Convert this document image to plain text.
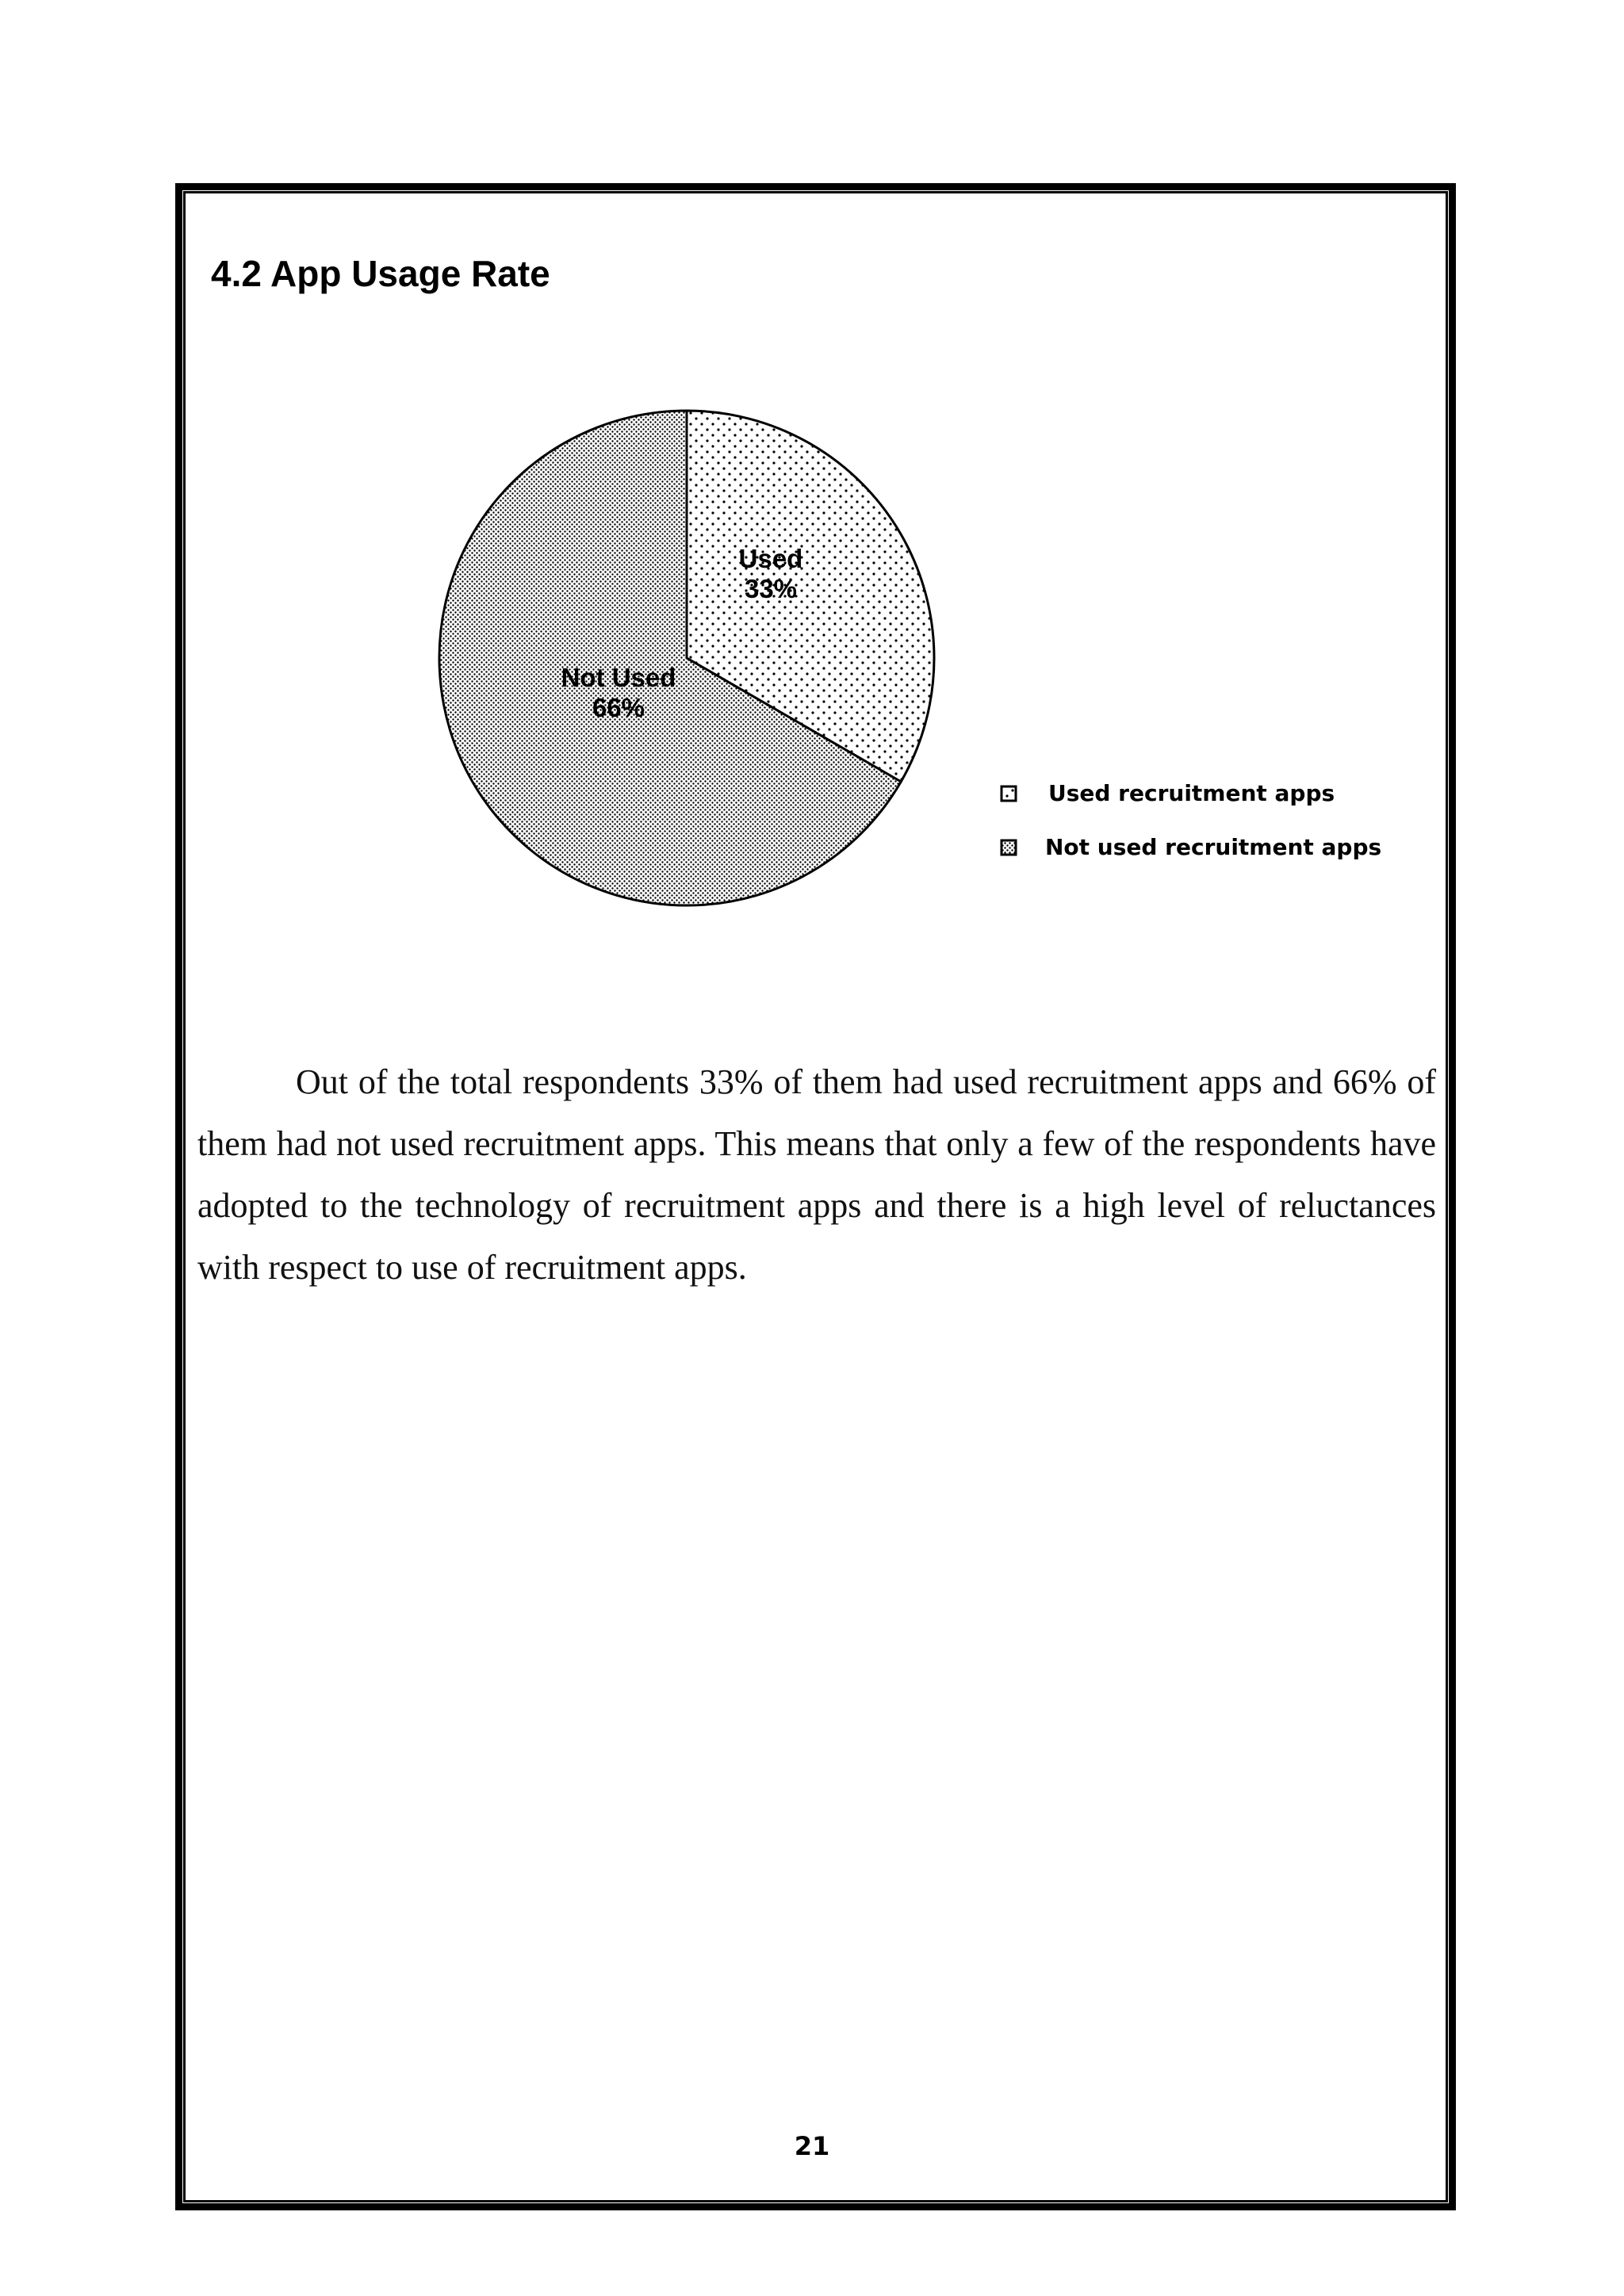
4.2 App Usage Rate
Used
33%
Not Used
66%
Used recruitment apps
Not used recruitment apps

Out of the total respondents 33% of them had used recruitment apps and 66% of them had not used recruitment apps. This means that only a few of the respondents have adopted to the technology of recruitment apps and there is a high level of reluctances with respect to use of recruitment apps.

21
